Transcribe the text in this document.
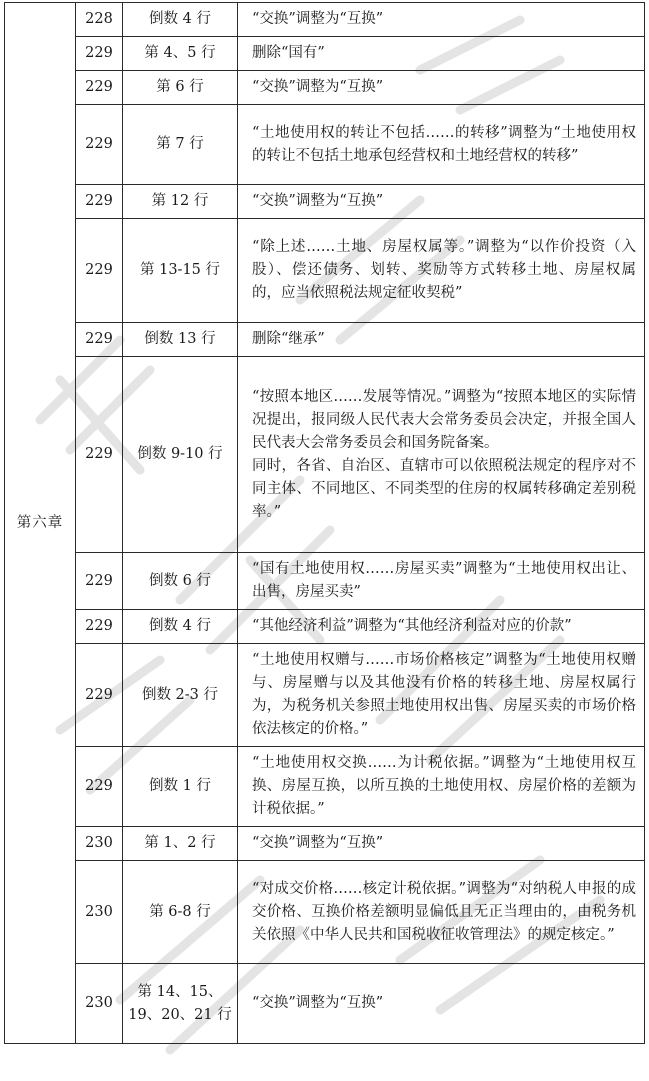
第六章	228	倒数 4 行	“交换”调整为“互换”

	229	第 4、5 行	删除“国有”

	229	第 6 行	“交换”调整为“互换”

	229	第 7 行	“土地使用权的转让不包括……的转移”调整为“土地使用权的转让不包括土地承包经营权和土地经营权的转移”

	229	第 12 行	“交换”调整为“互换”

	229	第 13-15 行	“除上述……土地、房屋权属等。”调整为“以作价投资（入股）、偿还债务、划转、奖励等方式转移土地、房屋权属的，应当依照税法规定征收契税”

	229	倒数 13 行	删除“继承”

	229	倒数 9-10 行	“按照本地区……发展等情况。”调整为“按照本地区的实际情况提出，报同级人民代表大会常务委员会决定，并报全国人民代表大会常务委员会和国务院备案。
同时，各省、自治区、直辖市可以依照税法规定的程序对不同主体、不同地区、不同类型的住房的权属转移确定差别税率。”

	229	倒数 6 行	“国有土地使用权……房屋买卖”调整为“土地使用权出让、出售，房屋买卖”

	229	倒数 4 行	“其他经济利益”调整为“其他经济利益对应的价款”

	229	倒数 2-3 行	“土地使用权赠与……市场价格核定”调整为“土地使用权赠与、房屋赠与以及其他没有价格的转移土地、房屋权属行为，为税务机关参照土地使用权出售、房屋买卖的市场价格依法核定的价格。”

	229	倒数 1 行	“土地使用权交换……为计税依据。”调整为“土地使用权互换、房屋互换，以所互换的土地使用权、房屋价格的差额为计税依据。”

	230	第 1、2 行	“交换”调整为“互换”

	230	第 6-8 行	“对成交价格……核定计税依据。”调整为“对纳税人申报的成交价格、互换价格差额明显偏低且无正当理由的，由税务机关依照《中华人民共和国税收征收管理法》的规定核定。”

	230	第 14、15、19、20、21 行	“交换”调整为“互换”
